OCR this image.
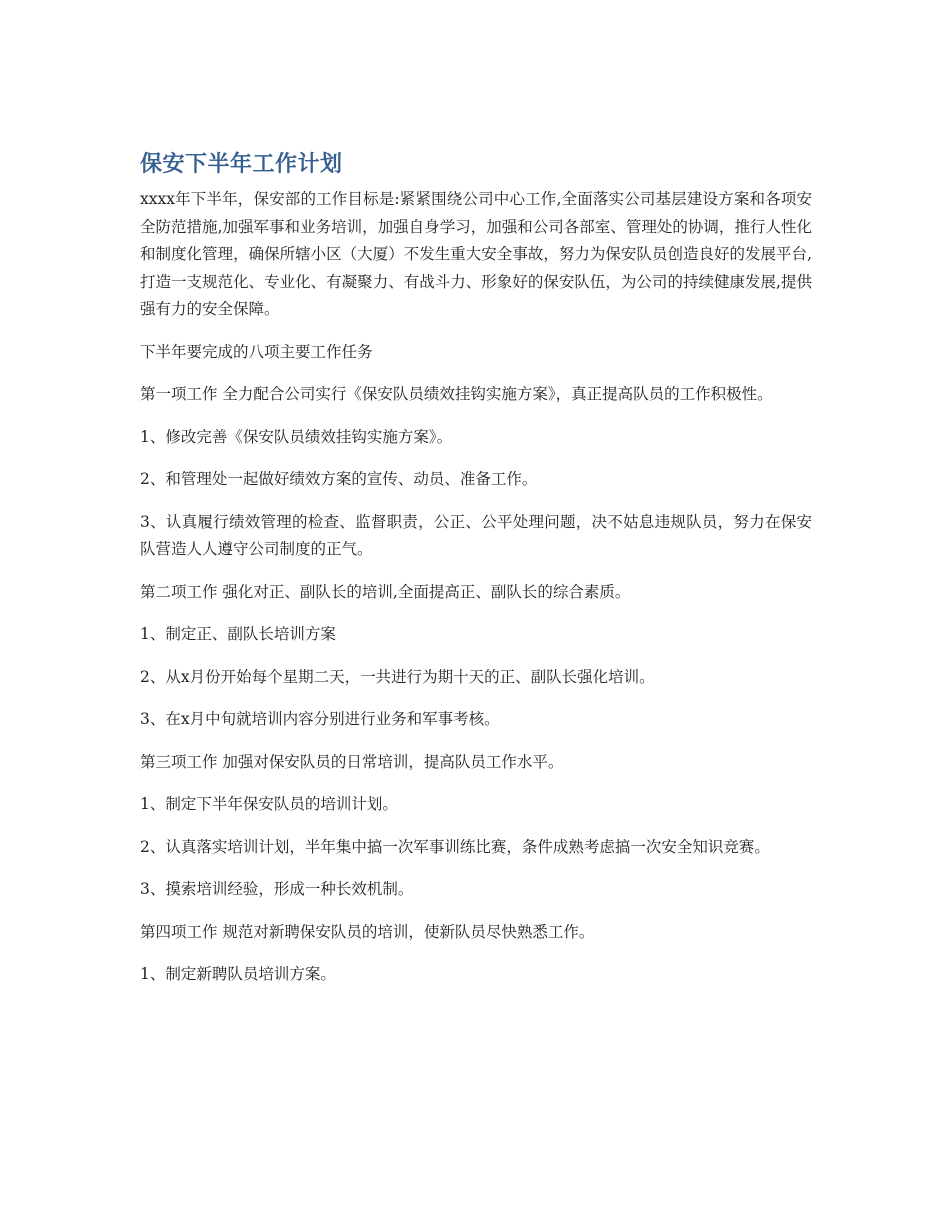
保安下半年工作计划

xxxx年下半年，保安部的工作目标是:紧紧围绕公司中心工作,全面落实公司基层建设方案和各项安全防范措施,加强军事和业务培训，加强自身学习，加强和公司各部室、管理处的协调，推行人性化和制度化管理，确保所辖小区（大厦）不发生重大安全事故，努力为保安队员创造良好的发展平台,打造一支规范化、专业化、有凝聚力、有战斗力、形象好的保安队伍，为公司的持续健康发展,提供强有力的安全保障。

下半年要完成的八项主要工作任务

第一项工作 全力配合公司实行《保安队员绩效挂钩实施方案》，真正提高队员的工作积极性。

1、修改完善《保安队员绩效挂钩实施方案》。

2、和管理处一起做好绩效方案的宣传、动员、准备工作。

3、认真履行绩效管理的检查、监督职责，公正、公平处理问题，决不姑息违规队员，努力在保安队营造人人遵守公司制度的正气。

第二项工作 强化对正、副队长的培训,全面提高正、副队长的综合素质。

1、制定正、副队长培训方案

2、从x月份开始每个星期二天，一共进行为期十天的正、副队长强化培训。

3、在x月中旬就培训内容分别进行业务和军事考核。

第三项工作 加强对保安队员的日常培训，提高队员工作水平。

1、制定下半年保安队员的培训计划。

2、认真落实培训计划，半年集中搞一次军事训练比赛，条件成熟考虑搞一次安全知识竞赛。

3、摸索培训经验，形成一种长效机制。

第四项工作 规范对新聘保安队员的培训，使新队员尽快熟悉工作。

1、制定新聘队员培训方案。
